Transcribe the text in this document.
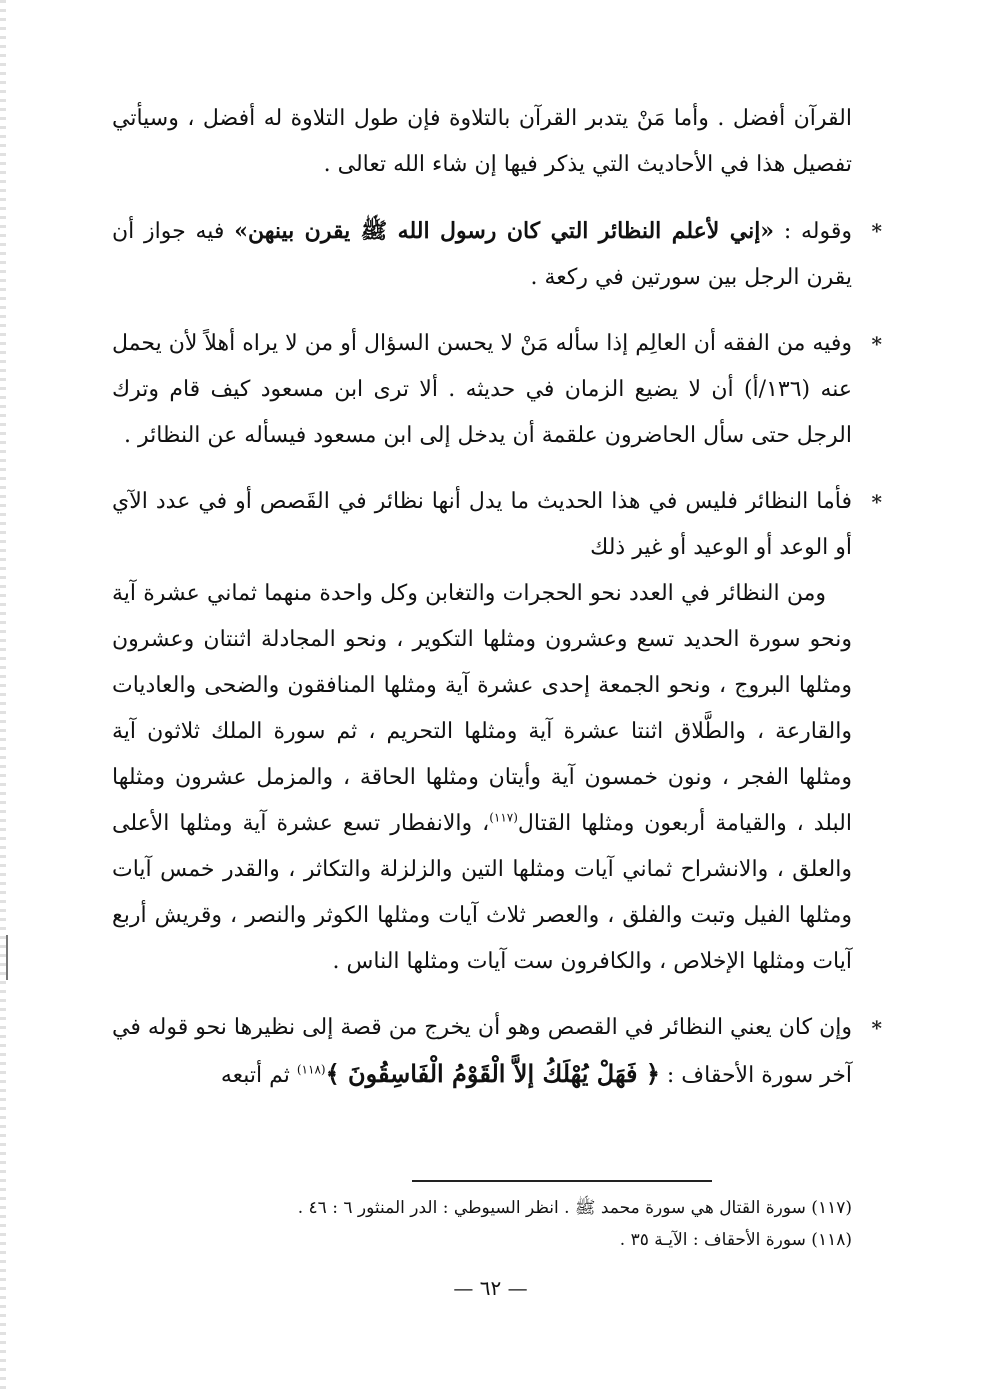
القرآن أفضل . وأما مَنْ يتدبر القرآن بالتلاوة فإن طول التلاوة له أفضل ، وسيأتي تفصيل هذا في الأحاديث التي يذكر فيها إن شاء الله تعالى .

*

وقوله : «إني لأعلم النظائر التي كان رسول الله ﷺ يقرن بينهن» فيه جواز أن يقرن الرجل بين سورتين في ركعة .

*

وفيه من الفقه أن العالِم إذا سأله مَنْ لا يحسن السؤال أو من لا يراه أهلاً لأن يحمل عنه (١٣٦/أ) أن لا يضيع الزمان في حديثه . ألا ترى ابن مسعود كيف قام وترك الرجل حتى سأل الحاضرون علقمة أن يدخل إلى ابن مسعود فيسأله عن النظائر .

*

فأما النظائر فليس في هذا الحديث ما يدل أنها نظائر في القَصص أو في عدد الآي أو الوعد أو الوعيد أو غير ذلك

ومن النظائر في العدد نحو الحجرات والتغابن وكل واحدة منهما ثماني عشرة آية ونحو سورة الحديد تسع وعشرون ومثلها التكوير ، ونحو المجادلة اثنتان وعشرون ومثلها البروج ، ونحو الجمعة إحدى عشرة آية ومثلها المنافقون والضحى والعاديات والقارعة ، والطَّلاق اثنتا عشرة آية ومثلها التحريم ، ثم سورة الملك ثلاثون آية ومثلها الفجر ، ونون خمسون آية وأيتان ومثلها الحاقة ، والمزمل عشرون ومثلها البلد ، والقيامة أربعون ومثلها القتال$^{(١١٧)}$، والانفطار تسع عشرة آية ومثلها الأعلى والعلق ، والانشراح ثماني آيات ومثلها التين والزلزلة والتكاثر ، والقدر خمس آيات ومثلها الفيل وتبت والفلق ، والعصر ثلاث آيات ومثلها الكوثر والنصر ، وقريش أربع آيات ومثلها الإخلاص ، والكافرون ست آيات ومثلها الناس .

*

وإن كان يعني النظائر في القصص وهو أن يخرج من قصة إلى نظيرها نحو قوله في آخر سورة الأحقاف : ﴿ فَهَلْ يُهْلَكُ إلاَّ الْقَوْمُ الْفَاسِقُونَ ﴾$^{(١١٨)}$ ثم أتبعه

(١١٧) سورة القتال هي سورة محمد ﷺ . انظر السيوطي : الدر المنثور ٦ : ٤٦ .

(١١٨) سورة الأحقاف : الآيـة ٣٥ .

— ٦٢ —
